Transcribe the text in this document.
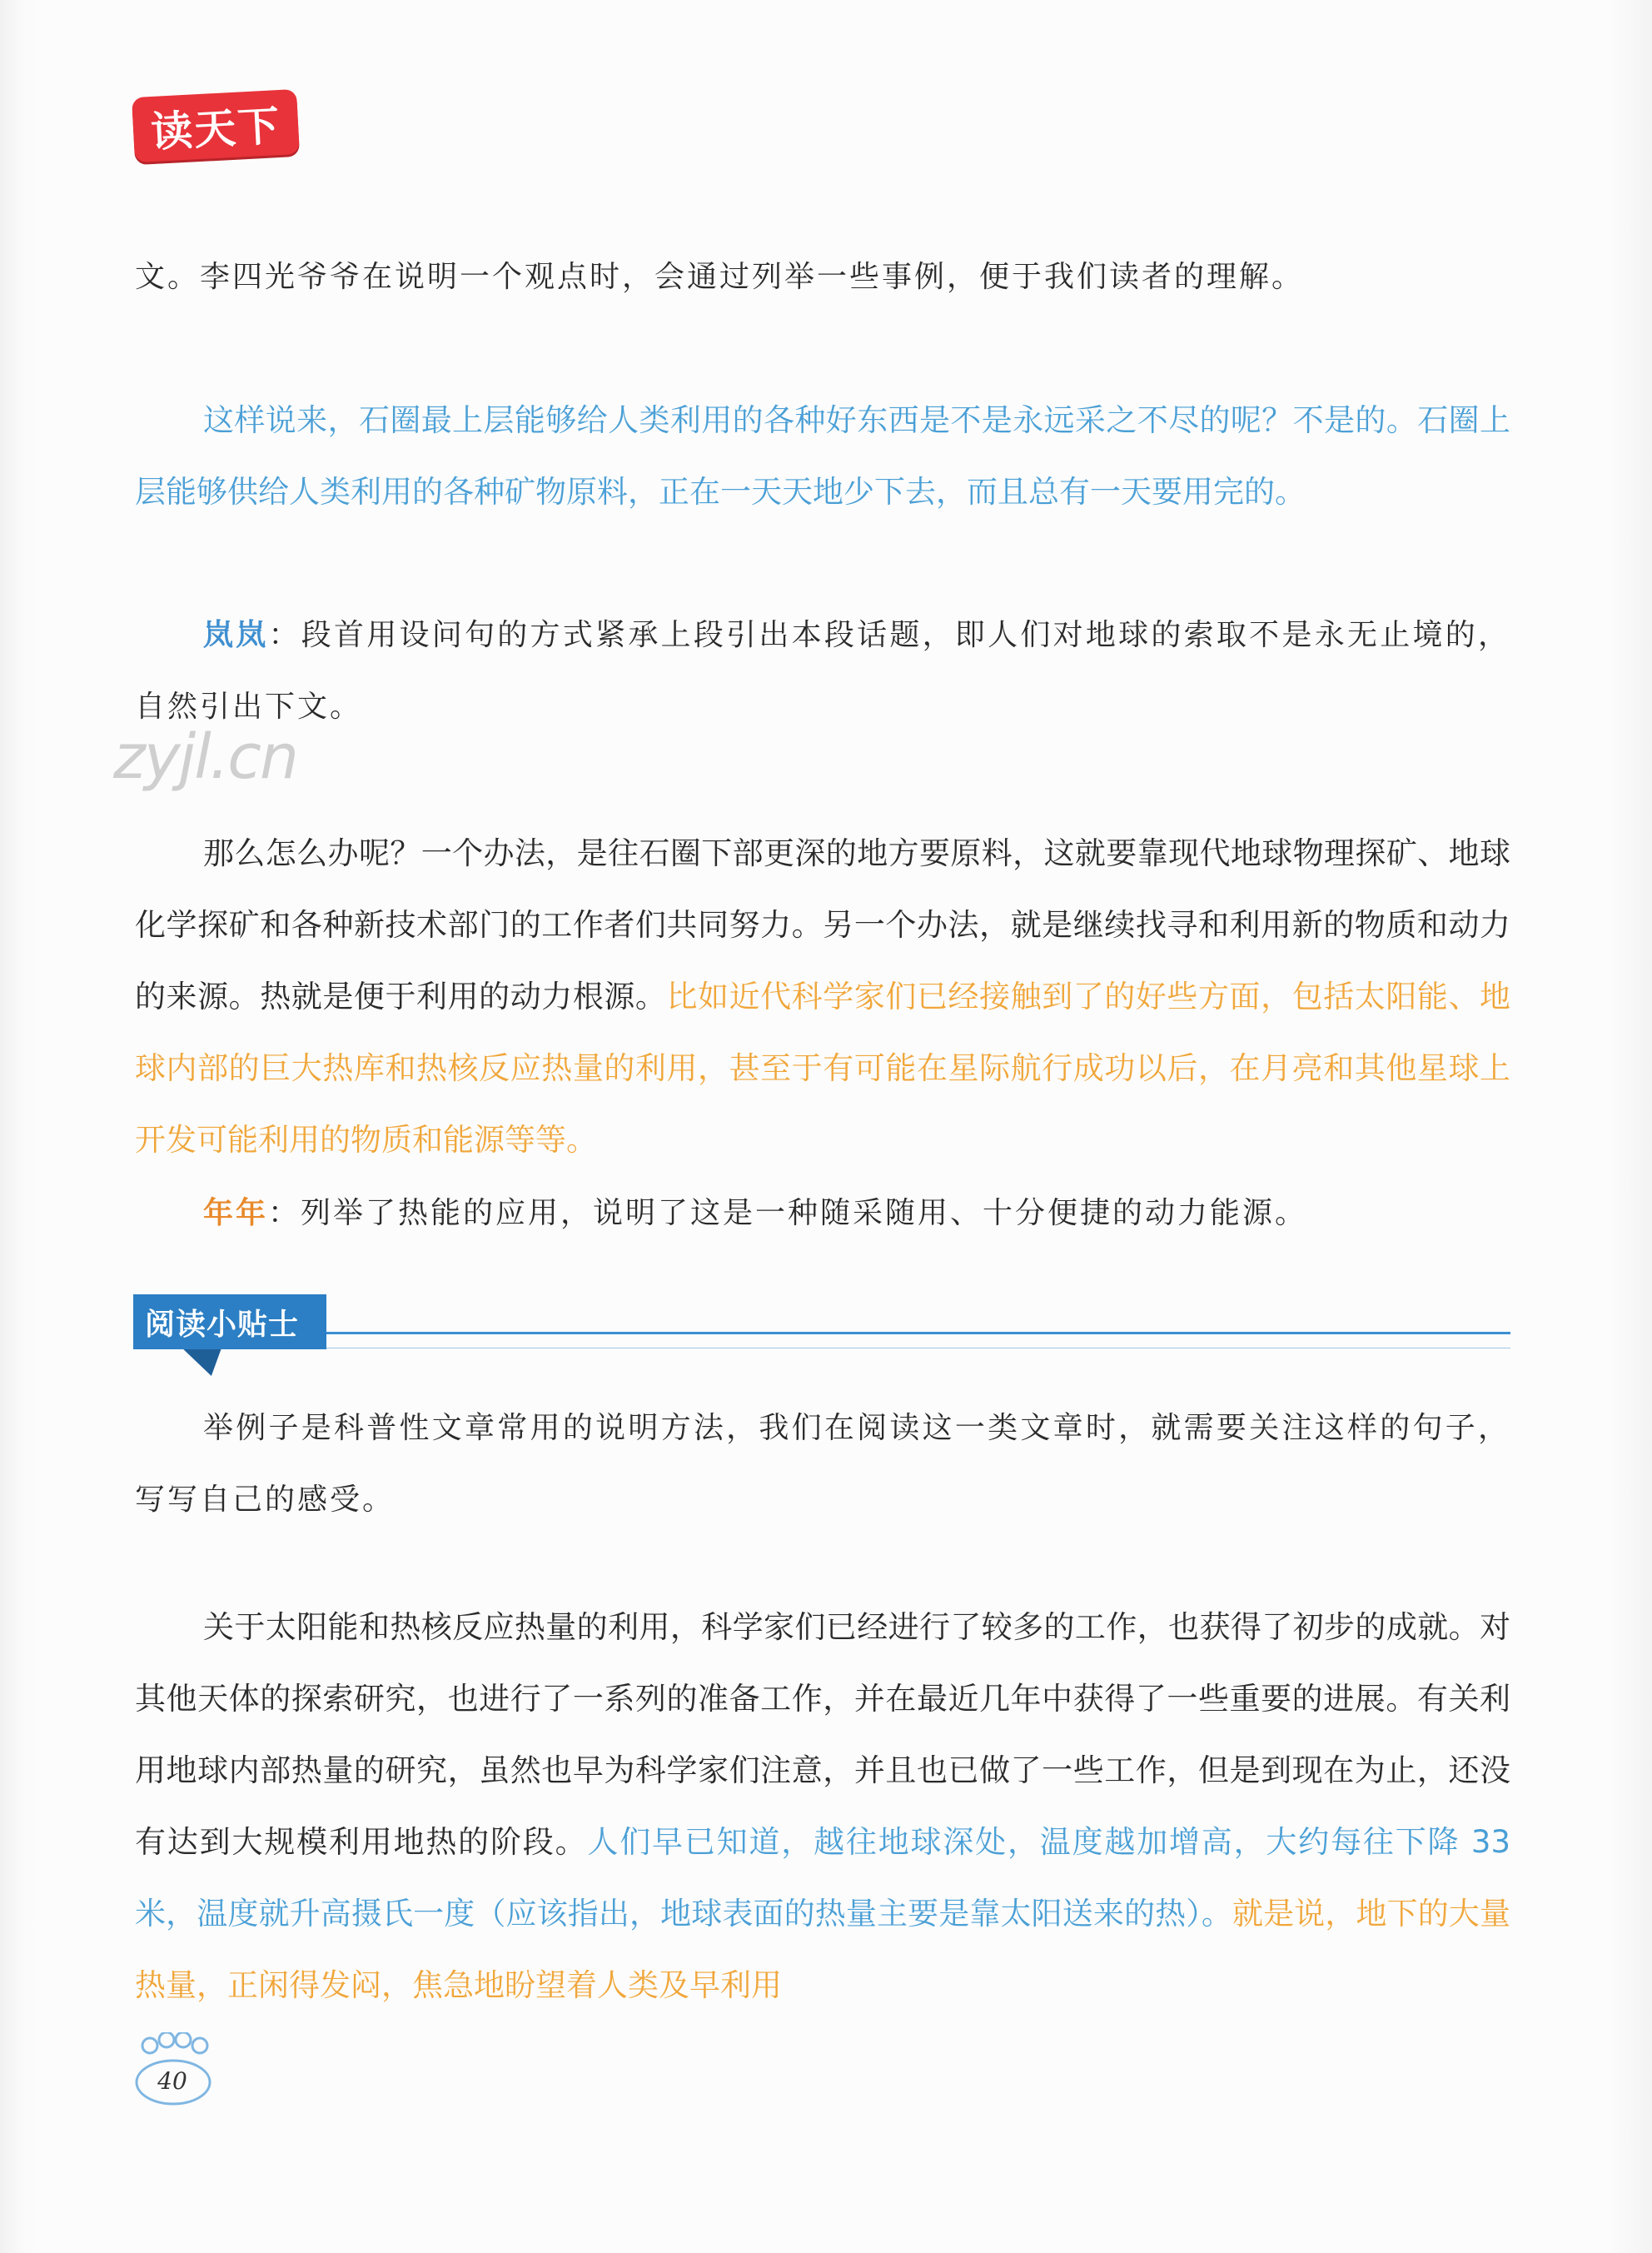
读天下

文。李四光爷爷在说明一个观点时，会通过列举一些事例，便于我们读者的理解。

这样说来，石圈最上层能够给人类利用的各种好东西是不是永远采之不尽的呢？不是的。石圈上层能够供给人类利用的各种矿物原料，正在一天天地少下去，而且总有一天要用完的。

岚岚：段首用设问句的方式紧承上段引出本段话题，即人们对地球的索取不是永无止境的，自然引出下文。

zyjl.cn

那么怎么办呢？一个办法，是往石圈下部更深的地方要原料，这就要靠现代地球物理探矿、地球化学探矿和各种新技术部门的工作者们共同努力。另一个办法，就是继续找寻和利用新的物质和动力的来源。热就是便于利用的动力根源。比如近代科学家们已经接触到了的好些方面，包括太阳能、地球内部的巨大热库和热核反应热量的利用，甚至于有可能在星际航行成功以后，在月亮和其他星球上开发可能利用的物质和能源等等。

年年：列举了热能的应用，说明了这是一种随采随用、十分便捷的动力能源。

阅读小贴士

举例子是科普性文章常用的说明方法，我们在阅读这一类文章时，就需要关注这样的句子，写写自己的感受。

关于太阳能和热核反应热量的利用，科学家们已经进行了较多的工作，也获得了初步的成就。对其他天体的探索研究，也进行了一系列的准备工作，并在最近几年中获得了一些重要的进展。有关利用地球内部热量的研究，虽然也早为科学家们注意，并且也已做了一些工作，但是到现在为止，还没有达到大规模利用地热的阶段。人们早已知道，越往地球深处，温度越加增高，大约每往下降 33 米，温度就升高摄氏一度（应该指出，地球表面的热量主要是靠太阳送来的热）。就是说，地下的大量热量，正闲得发闷，焦急地盼望着人类及早利用

40
